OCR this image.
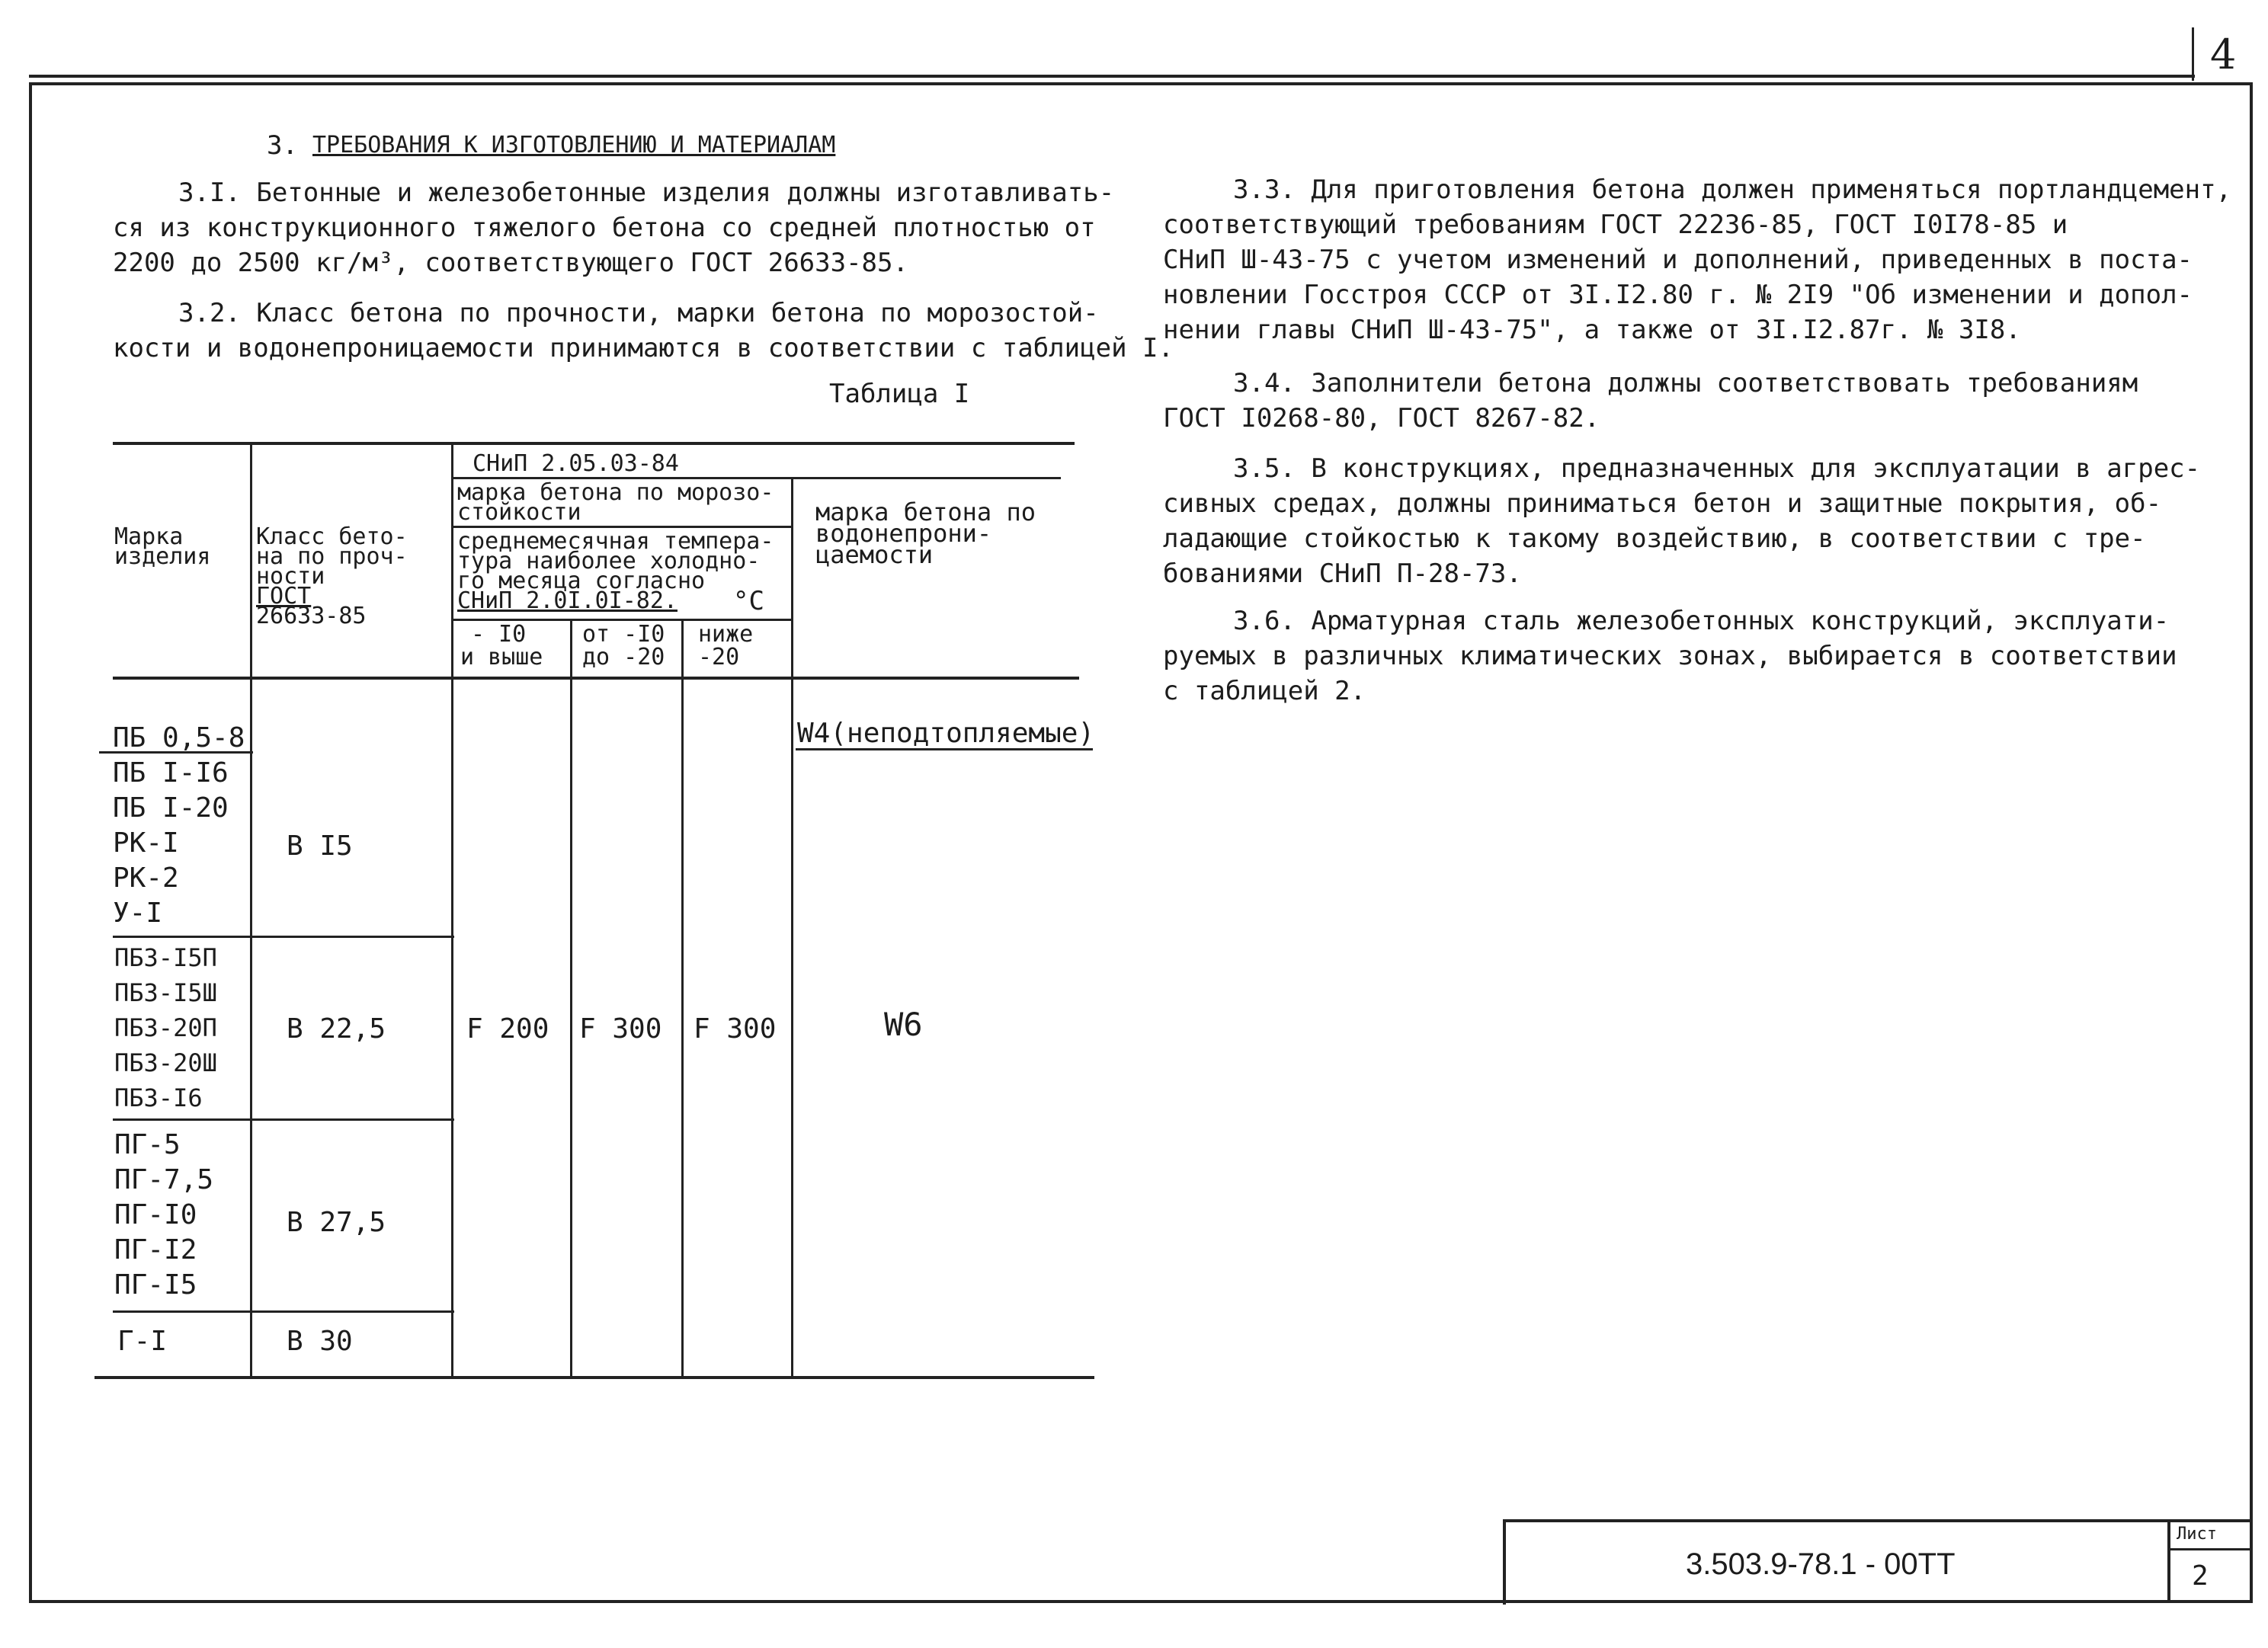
4
3. ТРЕБОВАНИЯ К ИЗГОТОВЛЕНИЮ И МАТЕРИАЛАМ
3.I. Бетонные и железобетонные изделия должны изготавливать-
ся из конструкционного тяжелого бетона со средней плотностью от
2200 до 2500 кг/м³, соответствующего ГОСТ 26633-85.
3.2. Класс бетона по прочности, марки бетона по морозостой-
кости и водонепроницаемости принимаются в соответствии с таблицей I.
Таблица I
Марка
изделия
Класс бето-
на по проч-
ности
ГОСТ
26633-85
СНиП 2.05.03-84
марка бетона по морозо-
стойкости
среднемесячная темпера-
тура наиболее холодно-
го месяца согласно
СНиП 2.0I.0I-82.	°C
- I0
и выше
от -I0
до -20
ниже
-20
марка бетона по
водонепрони-
цаемости
ПБ 0,5-8
ПБ I-I6
ПБ I-20
РК-I
РК-2
У-I
В I5
ПБ3-I5П
ПБ3-I5Ш
ПБ3-20П
ПБ3-20Ш
ПБ3-I6
В 22,5
ПГ-5
ПГ-7,5
ПГ-I0
ПГ-I2
ПГ-I5
В 27,5
Г-I	В 30
F 200 F 300 F 300
W4(неподтопляемые)
W6
3.3. Для приготовления бетона должен применяться портландцемент,
соответствующий требованиям ГОСТ 22236-85, ГОСТ I0I78-85 и
СНиП Ш-43-75 с учетом изменений и дополнений, приведенных в поста-
новлении Госстроя СССР от 3I.I2.80 г. № 2I9 "Об изменении и допол-
нении главы СНиП Ш-43-75", а также от 3I.I2.87г. № 3I8.
3.4. Заполнители бетона должны соответствовать требованиям
ГОСТ I0268-80, ГОСТ 8267-82.
3.5. В конструкциях, предназначенных для эксплуатации в агрес-
сивных средах, должны приниматься бетон и защитные покрытия, об-
ладающие стойкостью к такому воздействию, в соответствии с тре-
бованиями СНиП П-28-73.
3.6. Арматурная сталь железобетонных конструкций, эксплуати-
руемых в различных климатических зонах, выбирается в соответствии
с таблицей 2.
3.503.9-78.1 - 00ТТ
Лист
2
